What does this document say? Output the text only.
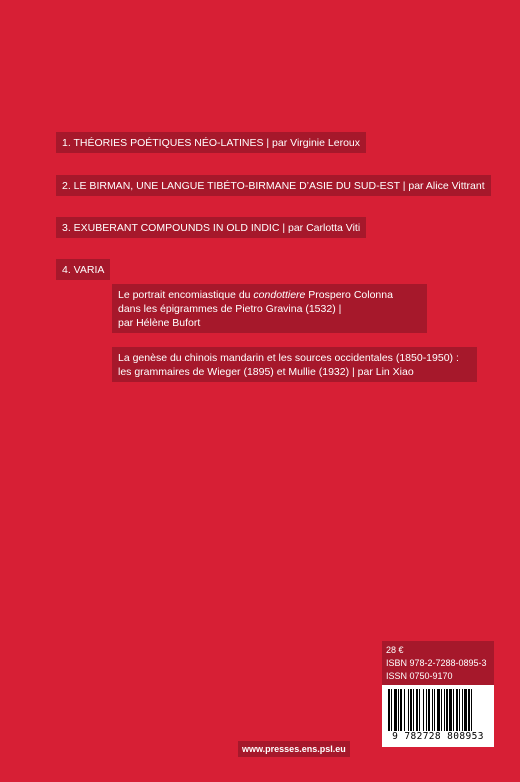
1. THÉORIES POÉTIQUES NÉO-LATINES | par Virginie Leroux
2. LE BIRMAN, UNE LANGUE TIBÉTO-BIRMANE D’ASIE DU SUD-EST | par Alice Vittrant
3. EXUBERANT COMPOUNDS IN OLD INDIC | par Carlotta Viti
4. VARIA
Le portrait encomiastique du condottiere Prospero Colonna
dans les épigrammes de Pietro Gravina (1532) |
par Hélène Bufort
La genèse du chinois mandarin et les sources occidentales (1850-1950) :
les grammaires de Wieger (1895) et Mullie (1932) | par Lin Xiao
28 €
ISBN 978-2-7288-0895-3
ISSN 0750-9170
9 782728 808953
www.presses.ens.psl.eu
